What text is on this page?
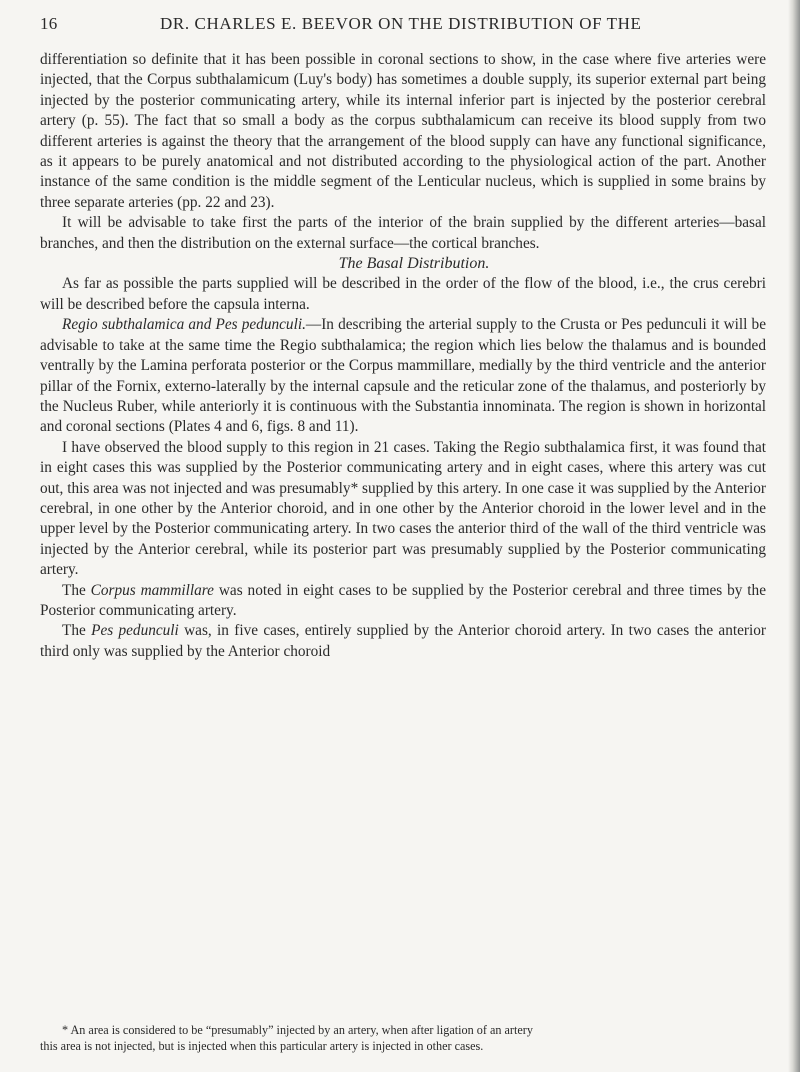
16	DR. CHARLES E. BEEVOR ON THE DISTRIBUTION OF THE

differentiation so definite that it has been possible in coronal sections to show, in the case where five arteries were injected, that the Corpus subthalamicum (Luy's body) has sometimes a double supply, its superior external part being injected by the posterior communicating artery, while its internal inferior part is injected by the posterior cerebral artery (p. 55). The fact that so small a body as the corpus subthalamicum can receive its blood supply from two different arteries is against the theory that the arrangement of the blood supply can have any functional significance, as it appears to be purely anatomical and not distributed according to the physiological action of the part. Another instance of the same condition is the middle segment of the Lenticular nucleus, which is supplied in some brains by three separate arteries (pp. 22 and 23).

It will be advisable to take first the parts of the interior of the brain supplied by the different arteries—basal branches, and then the distribution on the external surface—the cortical branches.

The Basal Distribution.

As far as possible the parts supplied will be described in the order of the flow of the blood, i.e., the crus cerebri will be described before the capsula interna.

Regio subthalamica and Pes pedunculi.—In describing the arterial supply to the Crusta or Pes pedunculi it will be advisable to take at the same time the Regio subthalamica; the region which lies below the thalamus and is bounded ventrally by the Lamina perforata posterior or the Corpus mammillare, medially by the third ventricle and the anterior pillar of the Fornix, externo-laterally by the internal capsule and the reticular zone of the thalamus, and posteriorly by the Nucleus Ruber, while anteriorly it is continuous with the Substantia innominata. The region is shown in horizontal and coronal sections (Plates 4 and 6, figs. 8 and 11).

I have observed the blood supply to this region in 21 cases. Taking the Regio subthalamica first, it was found that in eight cases this was supplied by the Posterior communicating artery and in eight cases, where this artery was cut out, this area was not injected and was presumably* supplied by this artery. In one case it was supplied by the Anterior cerebral, in one other by the Anterior choroid, and in one other by the Anterior choroid in the lower level and in the upper level by the Posterior communicating artery. In two cases the anterior third of the wall of the third ventricle was injected by the Anterior cerebral, while its posterior part was presumably supplied by the Posterior communicating artery.

The Corpus mammillare was noted in eight cases to be supplied by the Posterior cerebral and three times by the Posterior communicating artery.

The Pes pedunculi was, in five cases, entirely supplied by the Anterior choroid artery. In two cases the anterior third only was supplied by the Anterior choroid

* An area is considered to be “presumably” injected by an artery, when after ligation of an artery

this area is not injected, but is injected when this particular artery is injected in other cases.
